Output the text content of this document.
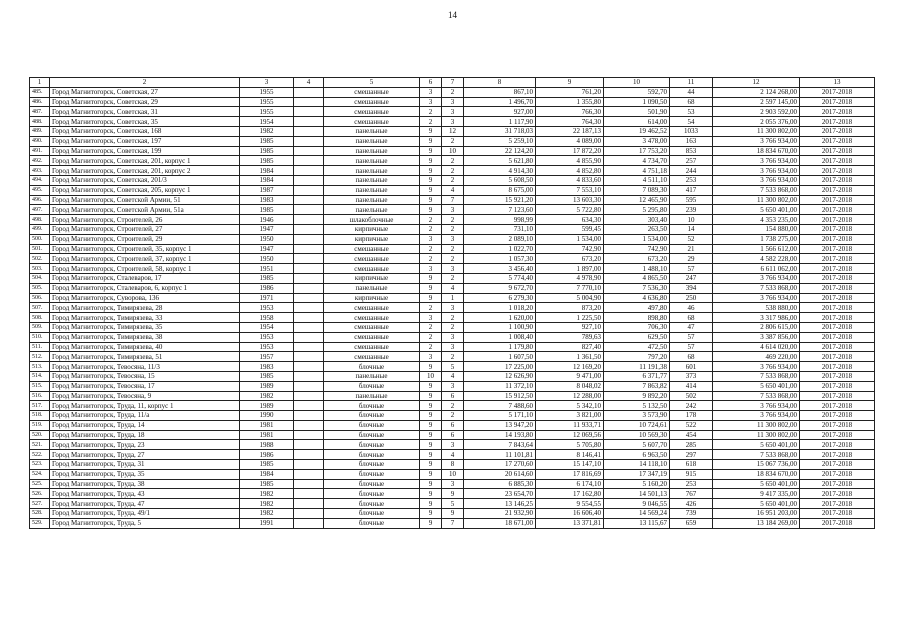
14
1	2	3	4	5	6	7	8	9	10	11	12	13
485.	Город Магнитогорск, Советская, 27	1955		смешанные	3	2	867,10	761,20	592,70	44	2 124 268,00	2017-2018
486.	Город Магнитогорск, Советская, 29	1955		смешанные	3	3	1 496,70	1 355,80	1 090,50	68	2 597 145,00	2017-2018
487.	Город Магнитогорск, Советская, 31	1955		смешанные	2	3	927,00	766,30	501,90	53	2 903 592,00	2017-2018
488.	Город Магнитогорск, Советская, 35	1954		смешанные	2	3	1 117,90	764,30	614,00	54	2 055 376,00	2017-2018
489.	Город Магнитогорск, Советская, 168	1982		панельные	9	12	31 718,03	22 187,13	19 462,52	1033	11 300 802,00	2017-2018
490.	Город Магнитогорск, Советская, 197	1985		панельные	9	2	5 259,10	4 089,00	3 478,00	163	3 766 934,00	2017-2018
491.	Город Магнитогорск, Советская, 199	1985		панельные	9	10	22 124,20	17 872,20	17 753,20	853	18 834 670,00	2017-2018
492.	Город Магнитогорск, Советская, 201, корпус 1	1985		панельные	9	2	5 621,80	4 855,90	4 734,70	257	3 766 934,00	2017-2018
493.	Город Магнитогорск, Советская, 201, корпус 2	1984		панельные	9	2	4 914,30	4 852,80	4 751,18	244	3 766 934,00	2017-2018
494.	Город Магнитогорск, Советская, 201/3	1984		панельные	9	2	5 608,50	4 833,60	4 511,10	253	3 766 934,00	2017-2018
495.	Город Магнитогорск, Советская, 205, корпус 1	1987		панельные	9	4	8 675,00	7 553,10	7 089,30	417	7 533 868,00	2017-2018
496.	Город Магнитогорск, Советской Армии, 51	1983		панельные	9	7	15 921,20	13 603,30	12 465,90	595	11 300 802,00	2017-2018
497.	Город Магнитогорск, Советской Армии, 51а	1985		панельные	9	3	7 123,60	5 722,80	5 295,80	239	5 650 401,00	2017-2018
498.	Город Магнитогорск, Строителей, 26	1946		шлакоблочные	2	2	998,99	634,30	303,40	10	4 353 235,00	2017-2018
499.	Город Магнитогорск, Строителей, 27	1947		кирпичные	2	2	731,10	599,45	263,50	14	154 880,00	2017-2018
500.	Город Магнитогорск, Строителей, 29	1950		кирпичные	3	3	2 089,10	1 534,00	1 534,00	52	1 738 275,00	2017-2018
501.	Город Магнитогорск, Строителей, 35, корпус 1	1947		смешанные	2	2	1 022,70	742,90	742,90	21	1 566 612,00	2017-2018
502.	Город Магнитогорск, Строителей, 37, корпус 1	1950		смешанные	2	2	1 057,30	673,20	673,20	29	4 582 228,00	2017-2018
503.	Город Магнитогорск, Строителей, 58, корпус 1	1951		смешанные	3	3	3 456,40	1 897,00	1 488,10	57	6 611 062,00	2017-2018
504.	Город Магнитогорск, Сталеваров, 17	1985		кирпичные	9	2	5 774,40	4 978,90	4 865,50	247	3 766 934,00	2017-2018
505.	Город Магнитогорск, Сталеваров, 6, корпус 1	1986		панельные	9	4	9 672,70	7 770,10	7 536,30	394	7 533 868,00	2017-2018
506.	Город Магнитогорск, Суворова, 136	1971		кирпичные	9	1	6 279,30	5 004,90	4 636,80	250	3 766 934,00	2017-2018
507.	Город Магнитогорск, Тимирязева, 28	1953		смешанные	2	3	1 018,20	873,20	497,80	46	538 880,00	2017-2018
508.	Город Магнитогорск, Тимирязева, 33	1958		смешанные	3	2	1 620,00	1 225,50	898,80	68	3 317 986,00	2017-2018
509.	Город Магнитогорск, Тимирязева, 35	1954		смешанные	2	2	1 100,90	927,10	706,30	47	2 806 615,00	2017-2018
510.	Город Магнитогорск, Тимирязева, 38	1953		смешанные	2	3	1 008,40	789,63	629,50	57	3 387 856,00	2017-2018
511.	Город Магнитогорск, Тимирязева, 40	1953		смешанные	2	3	1 179,80	827,40	472,50	57	4 614 020,00	2017-2018
512.	Город Магнитогорск, Тимирязева, 51	1957		смешанные	3	2	1 607,50	1 361,50	797,20	68	469 220,00	2017-2018
513.	Город Магнитогорск, Тевосяна, 11/3	1983		блочные	9	5	17 225,00	12 169,20	11 191,38	601	3 766 934,00	2017-2018
514.	Город Магнитогорск, Тевосяна, 15	1985		панельные	10	4	12 626,90	9 471,00	6 371,77	373	7 533 868,00	2017-2018
515.	Город Магнитогорск, Тевосяна, 17	1989		блочные	9	3	11 372,10	8 048,02	7 863,82	414	5 650 401,00	2017-2018
516.	Город Магнитогорск, Тевосяна, 9	1982		панельные	9	6	15 912,50	12 288,00	9 892,20	502	7 533 868,00	2017-2018
517.	Город Магнитогорск, Труда, 11, корпус 1	1989		блочные	9	2	7 488,60	5 342,10	5 132,50	242	3 766 934,00	2017-2018
518.	Город Магнитогорск, Труда, 11/а	1990		блочные	9	2	5 171,10	3 821,00	3 573,90	178	3 766 934,00	2017-2018
519.	Город Магнитогорск, Труда, 14	1981		блочные	9	6	13 947,20	11 933,71	10 724,61	522	11 300 802,00	2017-2018
520.	Город Магнитогорск, Труда, 18	1981		блочные	9	6	14 193,80	12 069,56	10 569,30	454	11 300 802,00	2017-2018
521.	Город Магнитогорск, Труда, 23	1988		блочные	9	3	7 843,64	5 705,80	5 607,70	285	5 650 401,00	2017-2018
522.	Город Магнитогорск, Труда, 27	1986		блочные	9	4	11 101,81	8 146,41	6 963,50	297	7 533 868,00	2017-2018
523.	Город Магнитогорск, Труда, 31	1985		блочные	9	8	17 270,60	15 147,10	14 118,10	618	15 067 736,00	2017-2018
524.	Город Магнитогорск, Труда, 35	1984		блочные	9	10	20 614,60	17 816,69	17 347,19	915	18 834 670,00	2017-2018
525.	Город Магнитогорск, Труда, 38	1985		блочные	9	3	6 885,30	6 174,10	5 160,20	253	5 650 401,00	2017-2018
526.	Город Магнитогорск, Труда, 43	1982		блочные	9	9	23 654,70	17 162,80	14 501,13	767	9 417 335,00	2017-2018
527.	Город Магнитогорск, Труда, 47	1982		блочные	9	5	13 146,25	9 554,55	9 046,55	426	5 650 401,00	2017-2018
528.	Город Магнитогорск, Труда, 49/1	1982		блочные	9	9	21 932,90	16 606,40	14 569,24	739	16 951 203,00	2017-2018
529.	Город Магнитогорск, Труда, 5	1991		блочные	9	7	18 671,00	13 371,81	13 115,67	659	13 184 269,00	2017-2018
